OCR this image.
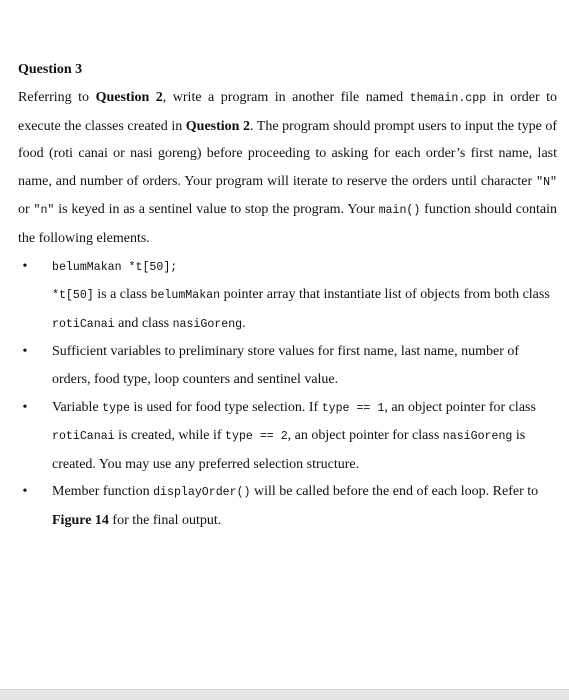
Question 3

Referring to Question 2, write a program in another file named themain.cpp in order to execute the classes created in Question 2. The program should prompt users to input the type of food (roti canai or nasi goreng) before proceeding to asking for each order’s first name, last name, and number of orders. Your program will iterate to reserve the orders until character "N" or "n" is keyed in as a sentinel value to stop the program. Your main() function should contain the following elements.

•	belumMakan *t[50];
*t[50] is a class belumMakan pointer array that instantiate list of objects from both class rotiCanai and class nasiGoreng.
•	Sufficient variables to preliminary store values for first name, last name, number of orders, food type, loop counters and sentinel value.
•	Variable type is used for food type selection. If type == 1, an object pointer for class rotiCanai is created, while if type == 2, an object pointer for class nasiGoreng is created. You may use any preferred selection structure.
•	Member function displayOrder() will be called before the end of each loop. Refer to Figure 14 for the final output.
